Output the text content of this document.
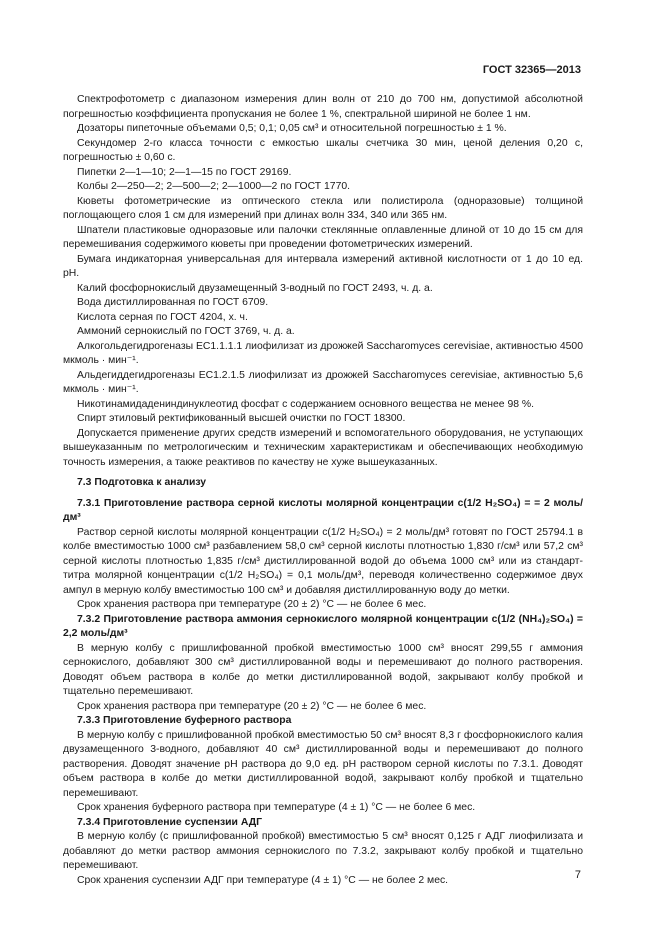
ГОСТ 32365—2013

Спектрофотометр с диапазоном измерения длин волн от 210 до 700 нм, допустимой абсолютной погрешностью коэффициента пропускания не более 1 %, спектральной шириной не более 1 нм.

Дозаторы пипеточные объемами 0,5; 0,1; 0,05 см³ и относительной погрешностью ± 1 %.

Секундомер 2-го класса точности с емкостью шкалы счетчика 30 мин, ценой деления 0,20 с, погрешностью ± 0,60 с.

Пипетки 2—1—10; 2—1—15 по ГОСТ 29169.

Колбы 2—250—2; 2—500—2; 2—1000—2 по ГОСТ 1770.

Кюветы фотометрические из оптического стекла или полистирола (одноразовые) толщиной поглощающего слоя 1 см для измерений при длинах волн 334, 340 или 365 нм.

Шпатели пластиковые одноразовые или палочки стеклянные оплавленные длиной от 10 до 15 см для перемешивания содержимого кюветы при проведении фотометрических измерений.

Бумага индикаторная универсальная для интервала измерений активной кислотности от 1 до 10 ед. pH.

Калий фосфорнокислый двузамещенный 3-водный по ГОСТ 2493, ч. д. а.

Вода дистиллированная по ГОСТ 6709.

Кислота серная по ГОСТ 4204, х. ч.

Аммоний сернокислый по ГОСТ 3769, ч. д. а.

Алкогольдегидрогеназы ЕС1.1.1.1 лиофилизат из дрожжей Saccharomyces cerevisiae, активностью 4500 мкмоль · мин⁻¹.

Альдегиддегидрогеназы ЕС1.2.1.5 лиофилизат из дрожжей Saccharomyces cerevisiae, активностью 5,6 мкмоль · мин⁻¹.

Никотинамидадениндинуклеотид фосфат с содержанием основного вещества не менее 98 %.

Спирт этиловый ректификованный высшей очистки по ГОСТ 18300.

Допускается применение других средств измерений и вспомогательного оборудования, не уступающих вышеуказанным по метрологическим и техническим характеристикам и обеспечивающих необходимую точность измерения, а также реактивов по качеству не хуже вышеуказанных.

7.3 Подготовка к анализу

7.3.1 Приготовление раствора серной кислоты молярной концентрации c(1/2 H₂SO₄) = = 2 моль/дм³

Раствор серной кислоты молярной концентрации c(1/2 H₂SO₄) = 2 моль/дм³ готовят по ГОСТ 25794.1 в колбе вместимостью 1000 см³ разбавлением 58,0 см³ серной кислоты плотностью 1,830 г/см³ или 57,2 см³ серной кислоты плотностью 1,835 г/см³ дистиллированной водой до объема 1000 см³ или из стандарт-титра молярной концентрации c(1/2 H₂SO₄) = 0,1 моль/дм³, переводя количественно содержимое двух ампул в мерную колбу вместимостью 100 см³ и добавляя дистиллированную воду до метки.

Срок хранения раствора при температуре (20 ± 2) °С — не более 6 мес.

7.3.2 Приготовление раствора аммония сернокислого молярной концентрации c(1/2 (NH₄)₂SO₄) = 2,2 моль/дм³

В мерную колбу с пришлифованной пробкой вместимостью 1000 см³ вносят 299,55 г аммония сернокислого, добавляют 300 см³ дистиллированной воды и перемешивают до полного растворения. Доводят объем раствора в колбе до метки дистиллированной водой, закрывают колбу пробкой и тщательно перемешивают.

Срок хранения раствора при температуре (20 ± 2) °С — не более 6 мес.

7.3.3 Приготовление буферного раствора

В мерную колбу с пришлифованной пробкой вместимостью 50 см³ вносят 8,3 г фосфорнокислого калия двузамещенного 3-водного, добавляют 40 см³ дистиллированной воды и перемешивают до полного растворения. Доводят значение pH раствора до 9,0 ед. pH раствором серной кислоты по 7.3.1. Доводят объем раствора в колбе до метки дистиллированной водой, закрывают колбу пробкой и тщательно перемешивают.

Срок хранения буферного раствора при температуре (4 ± 1) °С — не более 6 мес.

7.3.4 Приготовление суспензии АДГ

В мерную колбу (с пришлифованной пробкой) вместимостью 5 см³ вносят 0,125 г АДГ лиофилизата и добавляют до метки раствор аммония сернокислого по 7.3.2, закрывают колбу пробкой и тщательно перемешивают.

Срок хранения суспензии АДГ при температуре (4 ± 1) °С — не более 2 мес.	7
